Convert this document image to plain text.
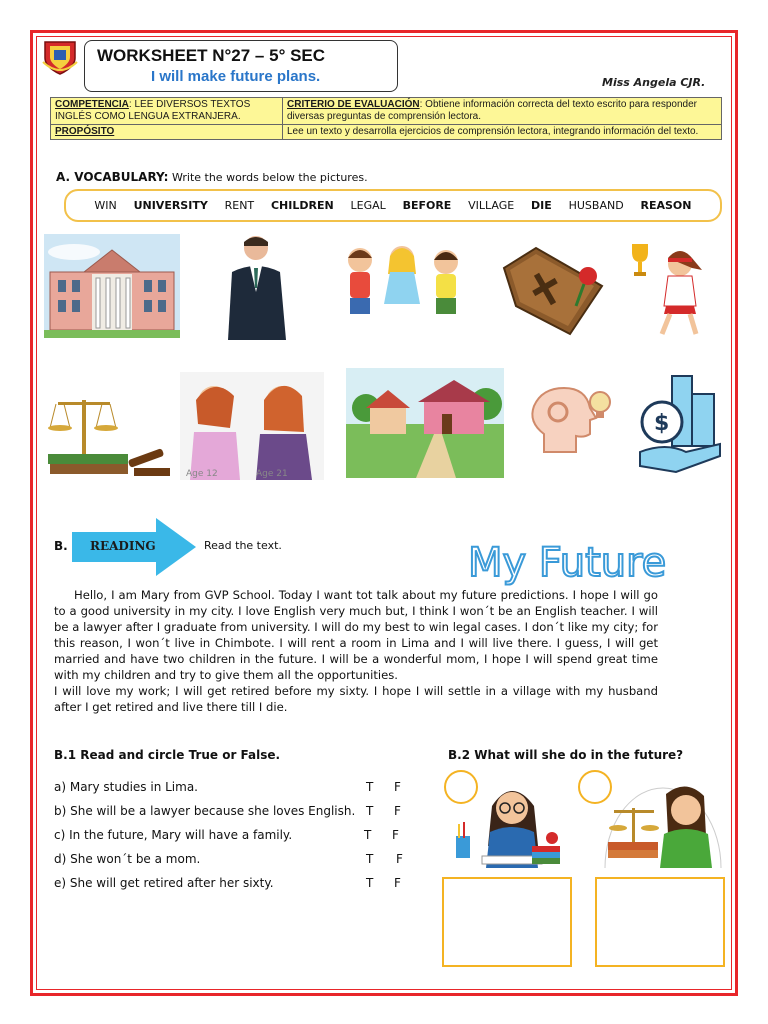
WORKSHEET N°27 – 5° SEC
I will make future plans.	Miss Angela CJR.
COMPETENCIA: LEE DIVERSOS TEXTOS INGLÉS COMO LENGUA EXTRANJERA.	CRITERIO DE EVALUACIÓN: Obtiene información correcta del texto escrito para responder diversas preguntas de comprensión lectora.
PROPÓSITO	Lee un texto y desarrolla ejercicios de comprensión lectora, integrando información del texto.
A. VOCABULARY: Write the words below the pictures.
WIN UNIVERSITY RENT CHILDREN LEGAL BEFORE VILLAGE DIE HUSBAND REASON
Age 12	Age 21
$
B. READING	Read the text.	My Future

Hello, I am Mary from GVP School. Today I want tot talk about my future predictions. I hope I will go to a good university in my city. I love English very much but, I think I won´t be an English teacher. I will be a lawyer after I graduate from university. I will do my best to win legal cases. I don´t like my city; for this reason, I won´t live in Chimbote. I will rent a room in Lima and I will live there. I guess, I will get married and have two children in the future. I will be a wonderful mom, I hope I will spend great time with my children and try to give them all the opportunities.

I will love my work; I will get retired before my sixty. I hope I will settle in a village with my husband after I get retired and live there till I die.

B.1 Read and circle True or False.
a) Mary studies in Lima.	T F
b) She will be a lawyer because she loves English. T F
c) In the future, Mary will have a family.	T F
d) She won´t be a mom.	T F
e) She will get retired after her sixty.	T F
B.2 What will she do in the future?
